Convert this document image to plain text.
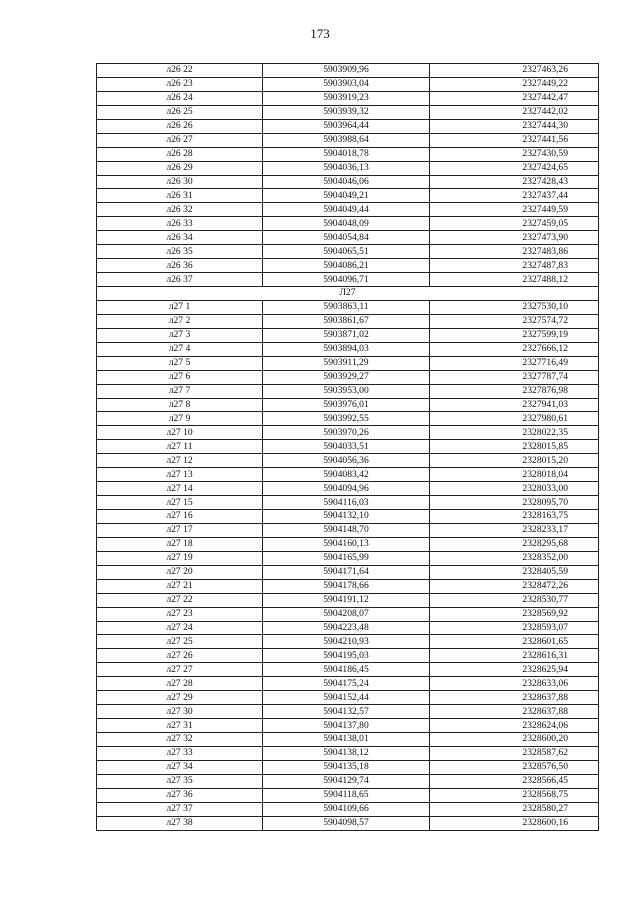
173
л26 22	5903909,96	2327463,26
л26 23	5903903,04	2327449,22
л26 24	5903919,23	2327442,47
л26 25	5903939,32	2327442,02
л26 26	5903964,44	2327444,30
л26 27	5903988,64	2327441,56
л26 28	5904018,78	2327430,59
л26 29	5904036,13	2327424,65
л26 30	5904046,06	2327428,43
л26 31	5904049,21	2327437,44
л26 32	5904049,44	2327449,59
л26 33	5904048,09	2327459,05
л26 34	5904054,84	2327473,90
л26 35	5904065,51	2327483,86
л26 36	5904086,21	2327487,83
л26 37	5904096,71	2327488,12
Л27		
л27 1	5903863,11	2327530,10
л27 2	5903861,67	2327574,72
л27 3	5903871,02	2327599,19
л27 4	5903894,03	2327666,12
л27 5	5903911,29	2327716,49
л27 6	5903929,27	2327787,74
л27 7	5903953,00	2327876,98
л27 8	5903976,01	2327941,03
л27 9	5903992,55	2327980,61
л27 10	5903970,26	2328022,35
л27 11	5904033,51	2328015,85
л27 12	5904056,36	2328015,20
л27 13	5904083,42	2328018,04
л27 14	5904094,96	2328033,00
л27 15	5904116,03	2328095,70
л27 16	5904132,10	2328163,75
л27 17	5904148,70	2328233,17
л27 18	5904160,13	2328295,68
л27 19	5904165,99	2328352,00
л27 20	5904171,64	2328405,59
л27 21	5904178,66	2328472,26
л27 22	5904191,12	2328530,77
л27 23	5904208,07	2328569,92
л27 24	5904223,48	2328593,07
л27 25	5904210,93	2328601,65
л27 26	5904195,03	2328616,31
л27 27	5904186,45	2328625,94
л27 28	5904175,24	2328633,06
л27 29	5904152,44	2328637,88
л27 30	5904132,57	2328637,88
л27 31	5904137,80	2328624,06
л27 32	5904138,01	2328600,20
л27 33	5904138,12	2328587,62
л27 34	5904135,18	2328576,50
л27 35	5904129,74	2328566,45
л27 36	5904118,65	2328568,75
л27 37	5904109,66	2328580,27
л27 38	5904098,57	2328600,16
